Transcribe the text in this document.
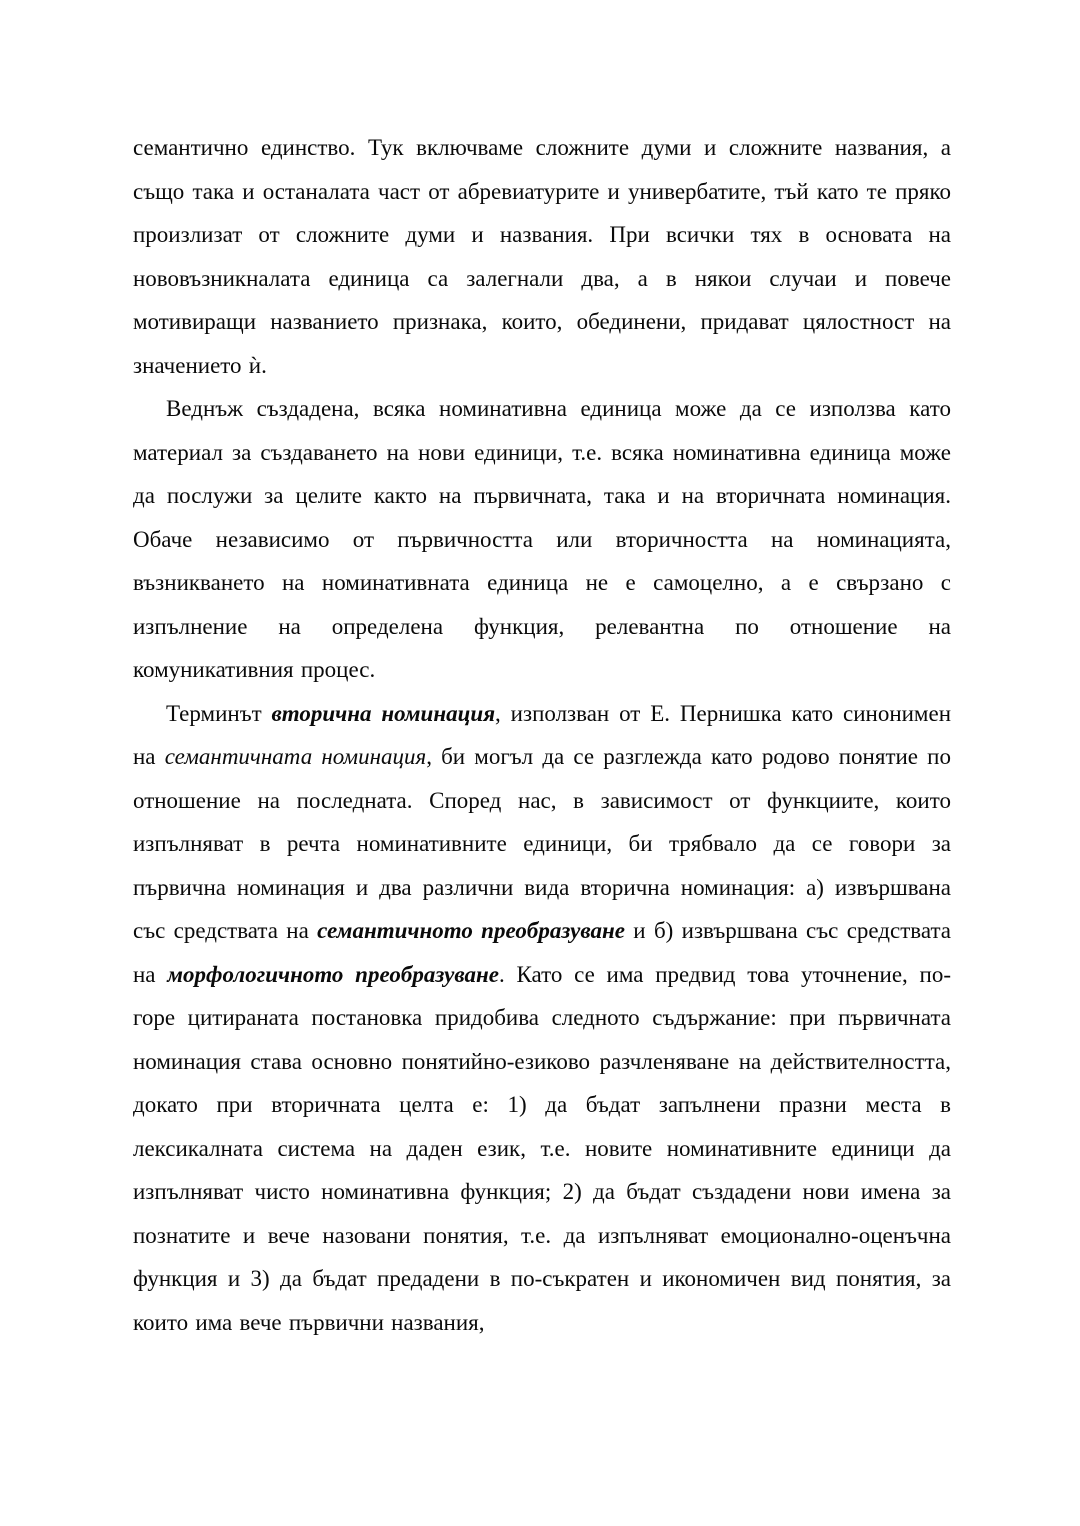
семантично единство. Тук включваме сложните думи и сложните названия, а също така и останалата част от абревиатурите и универбатите, тъй като те пряко произлизат от сложните думи и названия. При всички тях в основата на нововъзникналата единица са залегнали два, а в някои случаи и повече мотивиращи названието признака, които, обединени, придават цялостност на значението ѝ.

Веднъж създадена, всяка номинативна единица може да се използва като материал за създаването на нови единици, т.е. всяка номинативна единица може да послужи за целите както на първичната, така и на вторичната номинация. Обаче независимо от първичността или вторичността на номинацията, възникването на номинативната единица не е самоцелно, а е свързано с изпълнение на определена функция, релевантна по отношение на комуникативния процес.

Терминът вторична номинация, използван от Е. Пернишка като синонимен на семантичната номинация, би могъл да се разглежда като родово понятие по отношение на последната. Според нас, в зависимост от функциите, които изпълняват в речта номинативните единици, би трябвало да се говори за първична номинация и два различни вида вторична номинация: а) извършвана със средствата на семантичното преобразуване и б) извършвана със средствата на морфологичното преобразуване. Като се има предвид това уточнение, по-горе цитираната постановка придобива следното съдържание: при първичната номинация става основно понятийно-езиково разчленяване на действителността, докато при вторичната целта е: 1) да бъдат запълнени празни места в лексикалната система на даден език, т.е. новите номинативните единици да изпълняват чисто номинативна функция; 2) да бъдат създадени нови имена за познатите и вече назовани понятия, т.е. да изпълняват емоционално-оценъчна функция и 3) да бъдат предадени в по-съкратен и икономичен вид понятия, за които има вече първични названия,
